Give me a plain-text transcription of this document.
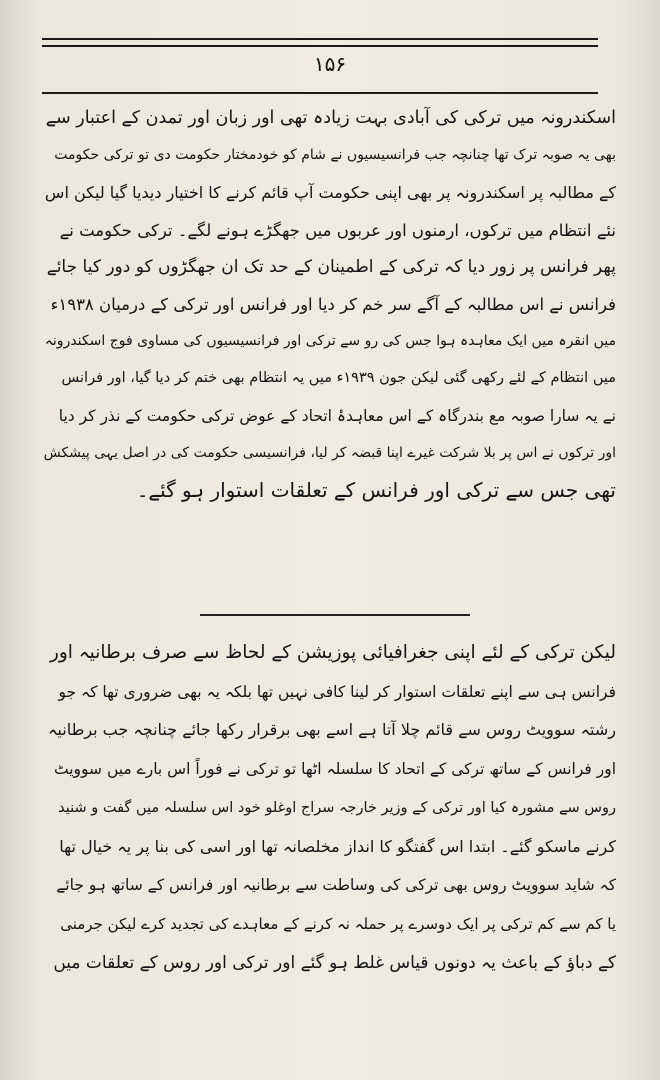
۱۵۶
اسکندرونہ میں ترکی کی آبادی بہت زیادہ تھی اور زبان اور تمدن کے اعتبار سے
بھی یہ صوبہ ترک تھا چنانچہ جب فرانسیسیوں نے شام کو خودمختار حکومت دی تو ترکی حکومت
کے مطالبہ پر اسکندرونہ پر بھی اپنی حکومت آپ قائم کرنے کا اختیار دیدیا گیا لیکن اس
نئے انتظام میں ترکوں، ارمنوں اور عربوں میں جھگڑے ہونے لگے۔ ترکی حکومت نے
پھر فرانس پر زور دیا کہ ترکی کے اطمینان کے حد تک ان جھگڑوں کو دور کیا جائے
فرانس نے اس مطالبہ کے آگے سر خم کر دیا اور فرانس اور ترکی کے درمیان ۱۹۳۸ء
میں انقرہ میں ایک معاہدہ ہوا جس کی رو سے ترکی اور فرانسیسیوں کی مساوی فوج اسکندرونہ
میں انتظام کے لئے رکھی گئی لیکن جون ۱۹۳۹ء میں یہ انتظام بھی ختم کر دیا گیا، اور فرانس
نے یہ سارا صوبہ مع بندرگاہ کے اس معاہدۂ اتحاد کے عوض ترکی حکومت کے نذر کر دیا
اور ترکوں نے اس پر بلا شرکت غیرے اپنا قبضہ کر لیا، فرانسیسی حکومت کی در اصل یہی پیشکش
تھی جس سے ترکی اور فرانس کے تعلقات استوار ہو گئے۔
لیکن ترکی کے لئے اپنی جغرافیائی پوزیشن کے لحاظ سے صرف برطانیہ اور
فرانس ہی سے اپنے تعلقات استوار کر لینا کافی نہیں تھا بلکہ یہ بھی ضروری تھا کہ جو
رشتہ سوویٹ روس سے قائم چلا آتا ہے اسے بھی برقرار رکھا جائے چنانچہ جب برطانیہ
اور فرانس کے ساتھ ترکی کے اتحاد کا سلسلہ اٹھا تو ترکی نے فوراً اس بارے میں سوویٹ
روس سے مشورہ کیا اور ترکی کے وزیر خارجہ سراج اوغلو خود اس سلسلہ میں گفت و شنید
کرنے ماسکو گئے۔ ابتدا اس گفتگو کا انداز مخلصانہ تھا اور اسی کی بنا پر یہ خیال تھا
کہ شاید سوویٹ روس بھی ترکی کی وساطت سے برطانیہ اور فرانس کے ساتھ ہو جائے
یا کم سے کم ترکی پر ایک دوسرے پر حملہ نہ کرنے کے معاہدے کی تجدید کرے لیکن جرمنی
کے دباؤ کے باعث یہ دونوں قیاس غلط ہو گئے اور ترکی اور روس کے تعلقات میں
